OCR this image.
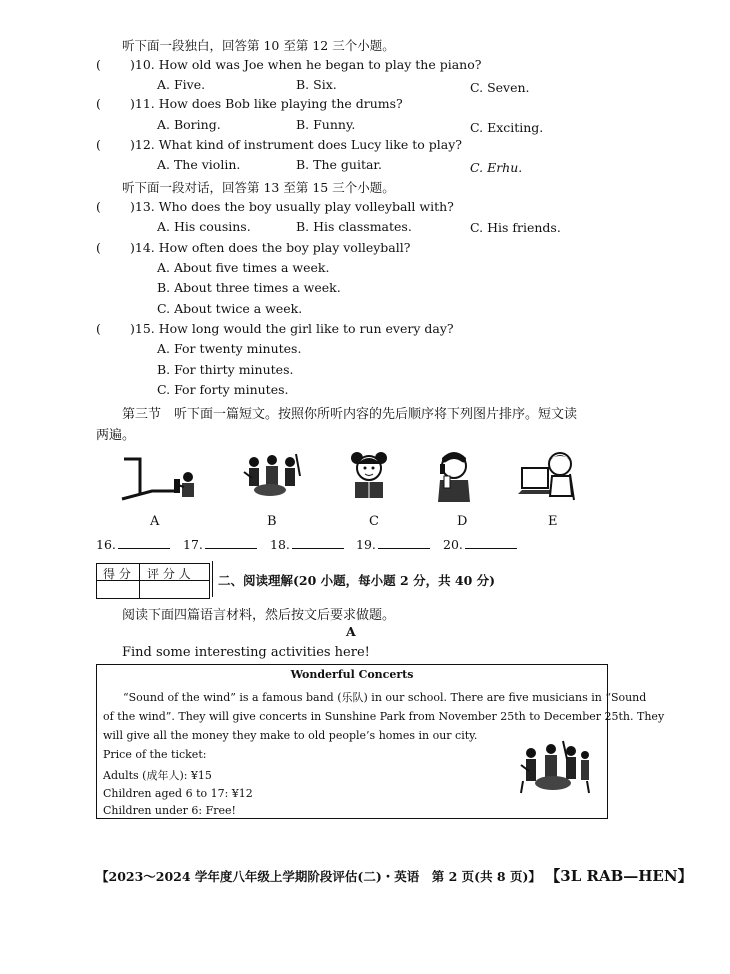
听下面一段独白，回答第 10 至第 12 三个小题。
( )10. How old was Joe when he began to play the piano?
A. Five.	B. Six.	C. Seven.
( )11. How does Bob like playing the drums?
A. Boring.	B. Funny.	C. Exciting.
( )12. What kind of instrument does Lucy like to play?
A. The violin.	B. The guitar.	C. Erhu.
听下面一段对话，回答第 13 至第 15 三个小题。
( )13. Who does the boy usually play volleyball with?
A. His cousins.	B. His classmates.	C. His friends.
( )14. How often does the boy play volleyball?
A. About five times a week.
B. About three times a week.
C. About twice a week.
( )15. How long would the girl like to run every day?
A. For twenty minutes.
B. For thirty minutes.
C. For forty minutes.
第三节　听下面一篇短文。按照你所听内容的先后顺序将下列图片排序。短文读
两遍。
A	B	C	D	E
16.	17.	18.	19.	20.
得 分 评 分 人 二、阅读理解(20 小题，每小题 2 分，共 40 分)
阅读下面四篇语言材料，然后按文后要求做题。
A
Find some interesting activities here!
Wonderful Concerts
“Sound of the wind” is a famous band (乐队) in our school. There are five musicians in “Sound
of the wind”. They will give concerts in Sunshine Park from November 25th to December 25th. They
will give all the money they make to old people’s homes in our city.
Price of the ticket:
Adults (成年人): ¥15
Children aged 6 to 17: ¥12
Children under 6: Free!
【2023～2024 学年度八年级上学期阶段评估(二)・英语　第 2 页(共 8 页)】 【3L RAB—HEN】
